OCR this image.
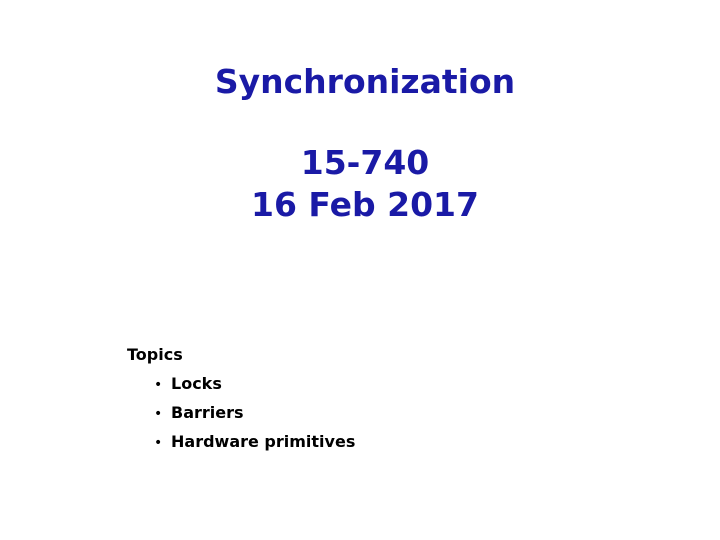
Synchronization
15-740
16 Feb 2017
Topics
• Locks
• Barriers
• Hardware primitives
